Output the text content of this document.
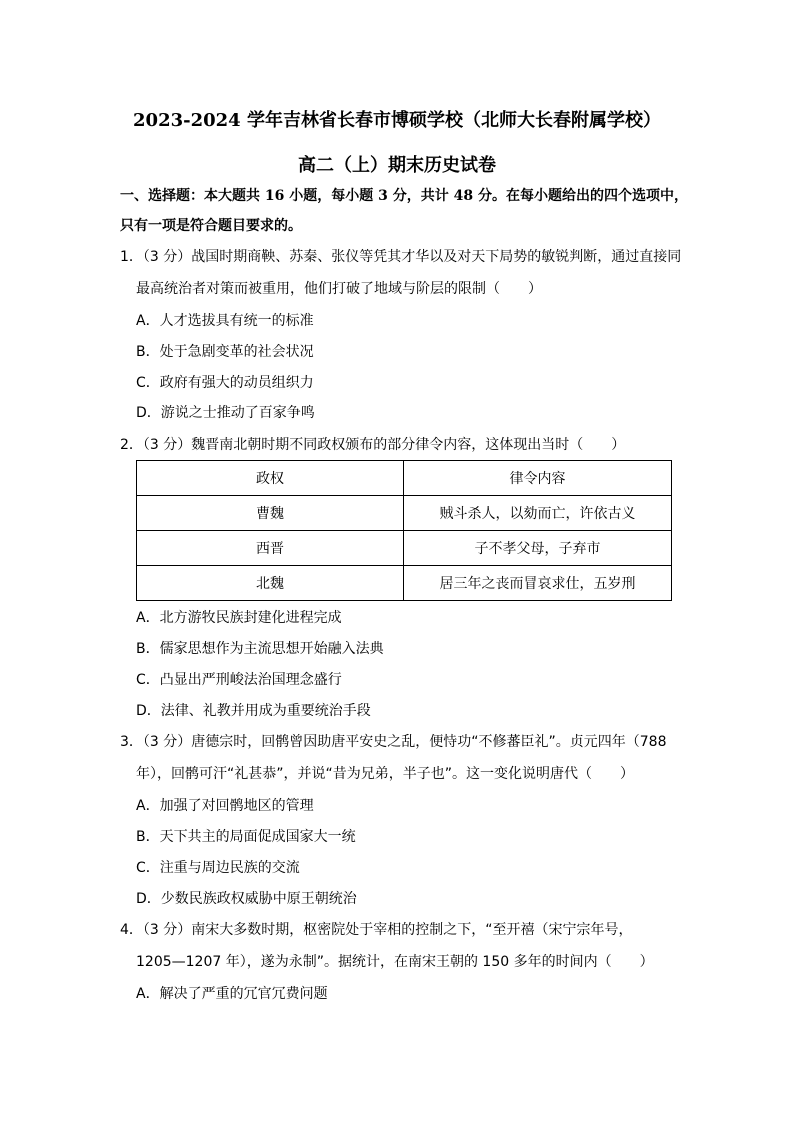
2023-2024 学年吉林省长春市博硕学校（北师大长春附属学校）
高二（上）期末历史试卷
一、选择题：本大题共 16 小题，每小题 3 分，共计 48 分。在每小题给出的四个选项中，
只有一项是符合题目要求的。
1．（3 分）战国时期商鞅、苏秦、张仪等凭其才华以及对天下局势的敏锐判断，通过直接同
最高统治者对策而被重用，他们打破了地域与阶层的限制（　　）
A．人才选拔具有统一的标准
B．处于急剧变革的社会状况
C．政府有强大的动员组织力
D．游说之士推动了百家争鸣
2．（3 分）魏晋南北朝时期不同政权颁布的部分律令内容，这体现出当时（　　）
政权	律令内容
曹魏	贼斗杀人，以劾而亡，许依古义
西晋	子不孝父母，子弃市
北魏	居三年之丧而冒哀求仕，五岁刑
A．北方游牧民族封建化进程完成
B．儒家思想作为主流思想开始融入法典
C．凸显出严刑峻法治国理念盛行
D．法律、礼教并用成为重要统治手段
3．（3 分）唐德宗时，回鹘曾因助唐平安史之乱，便恃功“不修蕃臣礼”。贞元四年（788
年），回鹘可汗“礼甚恭”，并说“昔为兄弟，半子也”。这一变化说明唐代（　　）
A．加强了对回鹘地区的管理
B．天下共主的局面促成国家大一统
C．注重与周边民族的交流
D．少数民族政权威胁中原王朝统治
4．（3 分）南宋大多数时期，枢密院处于宰相的控制之下，“至开禧（宋宁宗年号，
1205—1207 年），遂为永制”。据统计，在南宋王朝的 150 多年的时间内（　　）
A．解决了严重的冗官冗费问题
